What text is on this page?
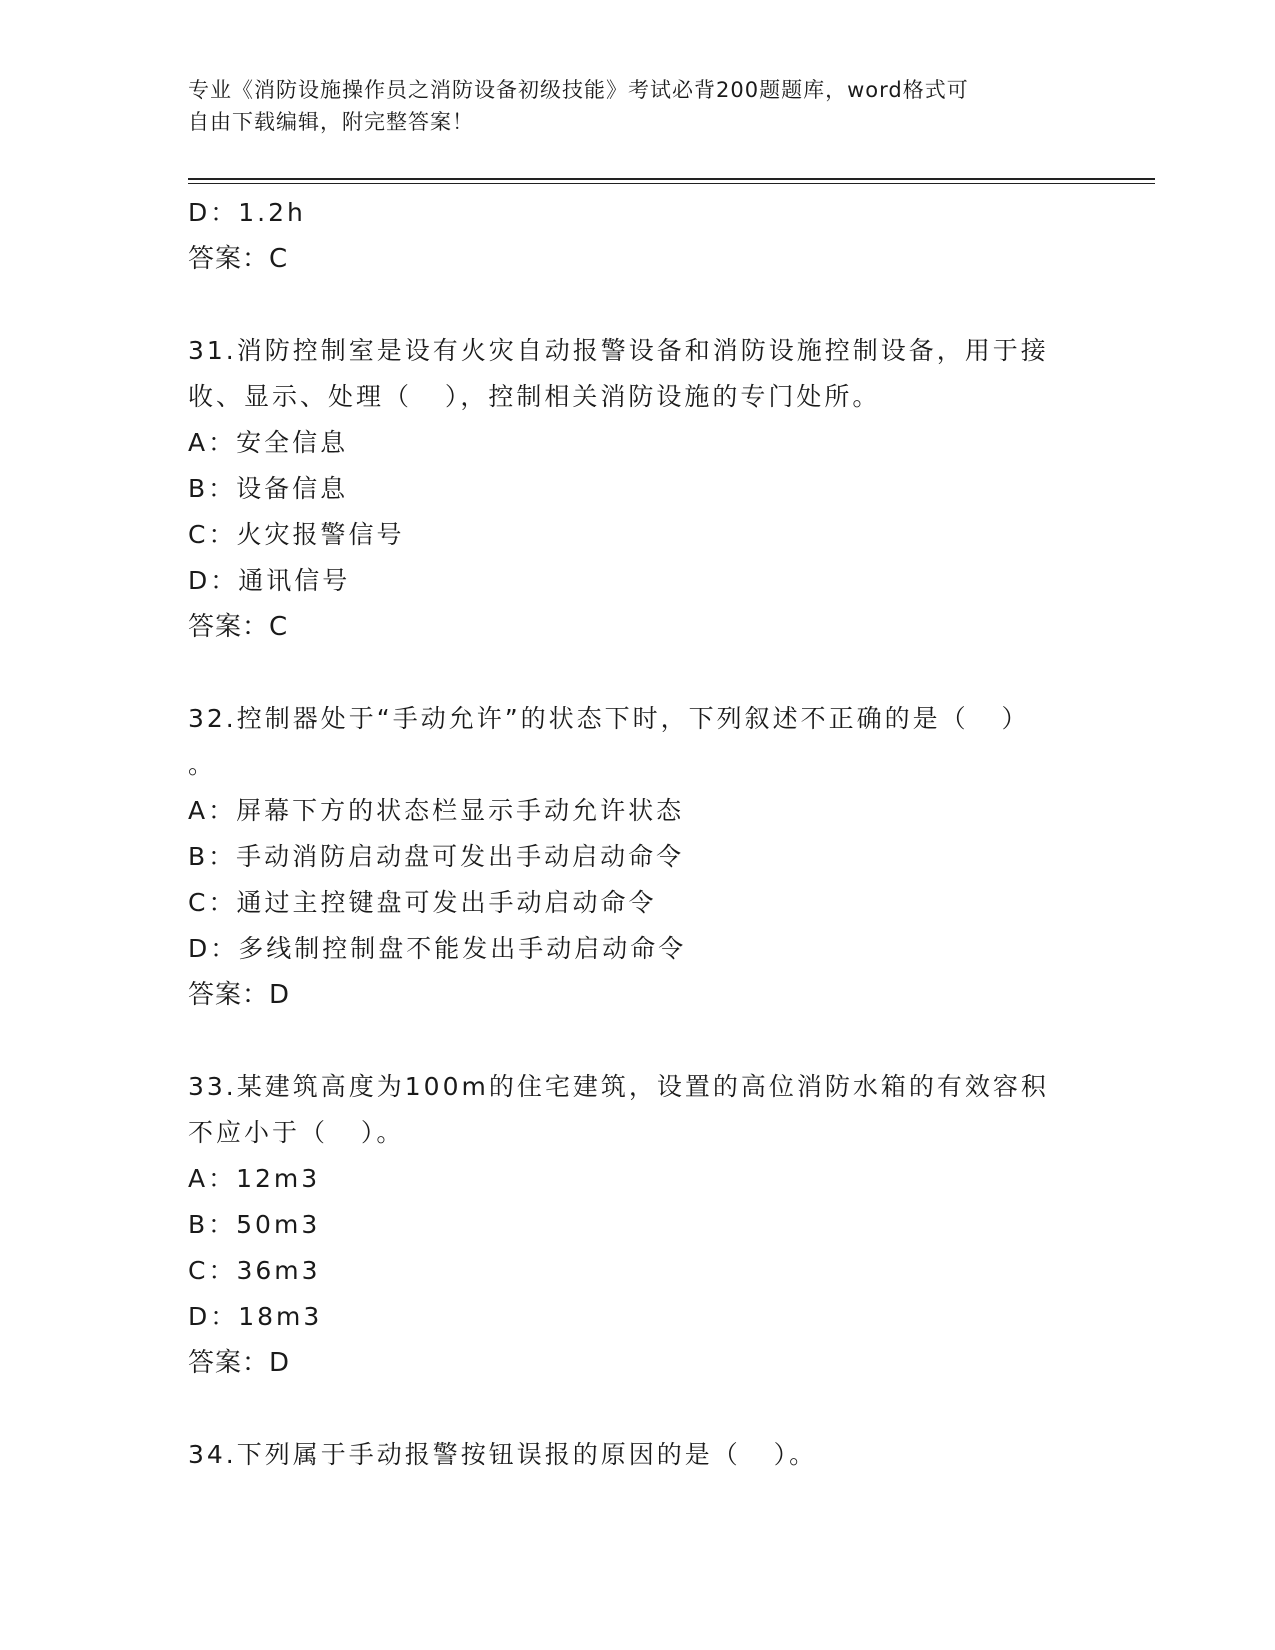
专业《消防设施操作员之消防设备初级技能》考试必背200题题库，word格式可
自由下载编辑，附完整答案！
D：1.2h
答案：C
31.消防控制室是设有火灾自动报警设备和消防设施控制设备，用于接
收、显示、处理（   ），控制相关消防设施的专门处所。
A：安全信息
B：设备信息
C：火灾报警信号
D：通讯信号
答案：C
32.控制器处于“手动允许”的状态下时，下列叙述不正确的是（   ）
。
A：屏幕下方的状态栏显示手动允许状态
B：手动消防启动盘可发出手动启动命令
C：通过主控键盘可发出手动启动命令
D：多线制控制盘不能发出手动启动命令
答案：D
33.某建筑高度为100m的住宅建筑，设置的高位消防水箱的有效容积
不应小于（   ）。
A：12m3
B：50m3
C：36m3
D：18m3
答案：D
34.下列属于手动报警按钮误报的原因的是（   ）。
